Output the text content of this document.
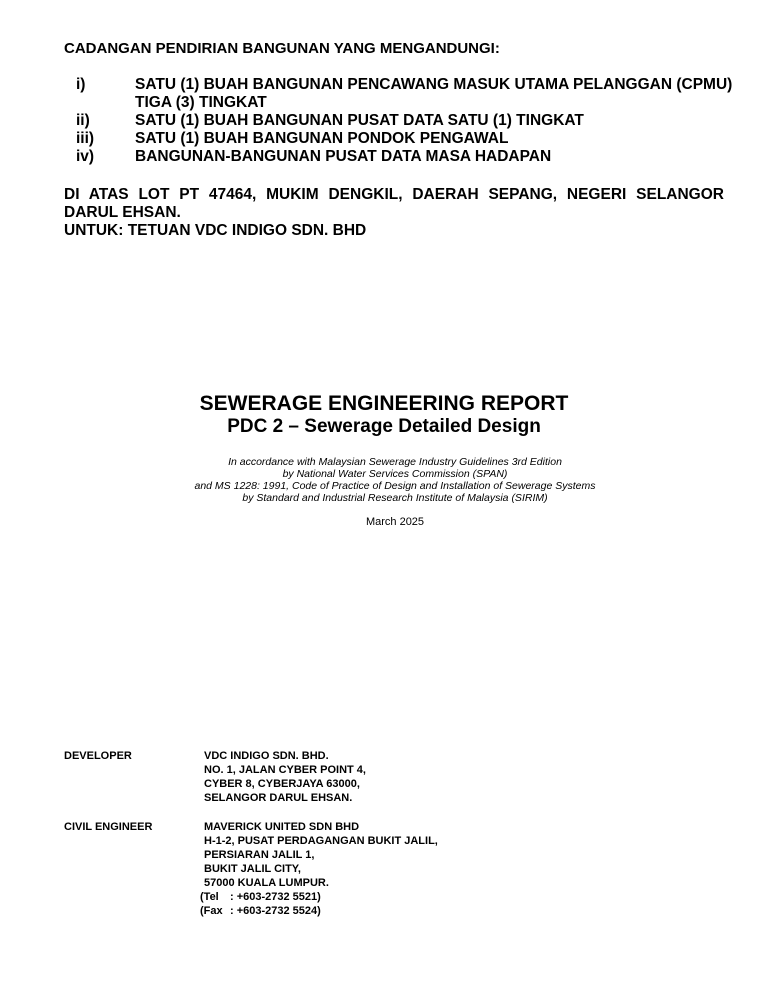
CADANGAN PENDIRIAN BANGUNAN YANG MENGANDUNGI:
i)	SATU (1) BUAH BANGUNAN PENCAWANG MASUK UTAMA PELANGGAN (CPMU) TIGA (3) TINGKAT
ii)	SATU (1) BUAH BANGUNAN PUSAT DATA SATU (1) TINGKAT
iii)	SATU (1) BUAH BANGUNAN PONDOK PENGAWAL
iv)	BANGUNAN-BANGUNAN PUSAT DATA MASA HADAPAN
DI ATAS LOT PT 47464, MUKIM DENGKIL, DAERAH SEPANG, NEGERI SELANGOR DARUL EHSAN.
UNTUK: TETUAN VDC INDIGO SDN. BHD
SEWERAGE ENGINEERING REPORT
PDC 2 – Sewerage Detailed Design
In accordance with Malaysian Sewerage Industry Guidelines 3rd Edition
by National Water Services Commission (SPAN)
and MS 1228: 1991, Code of Practice of Design and Installation of Sewerage Systems
by Standard and Industrial Research Institute of Malaysia (SIRIM)
March 2025
DEVELOPER	VDC INDIGO SDN. BHD.
NO. 1, JALAN CYBER POINT 4,
CYBER 8, CYBERJAYA 63000,
SELANGOR DARUL EHSAN.
CIVIL ENGINEER	MAVERICK UNITED SDN BHD
H-1-2, PUSAT PERDAGANGAN BUKIT JALIL,
PERSIARAN JALIL 1,
BUKIT JALIL CITY,
57000 KUALA LUMPUR.
(Tel	: +603-2732 5521)
(Fax : +603-2732 5524)
